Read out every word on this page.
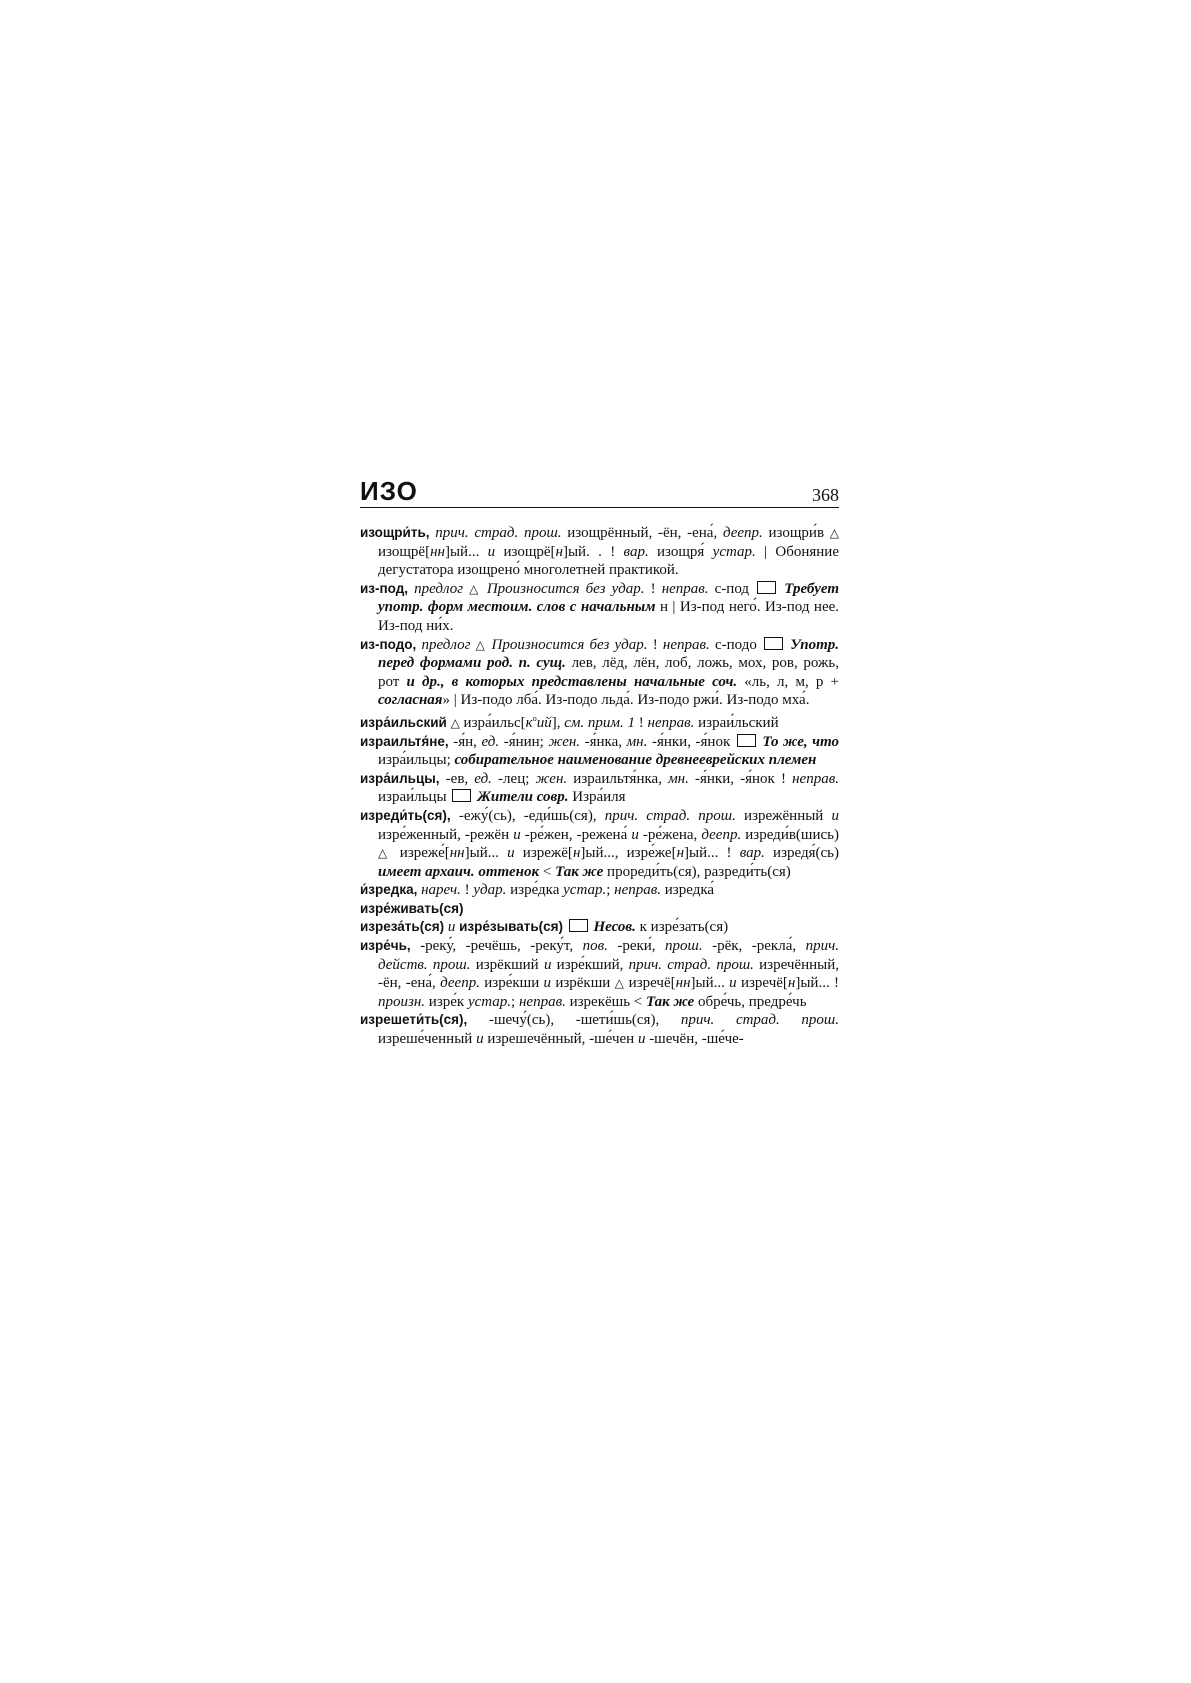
ИЗО	368

изощри́ть, прич. страд. прош. изощрённый, -ён, -ена́, деепр. изощри́в △ изощрё[нн]ый... и изощрё[н]ый. . ! вар. изощря́ устар. | Обоняние дегустатора изощрено́ многолетней практикой.

из-под, предлог △ Произносится без удар. ! неправ. с-под  Требует употр. форм местоим. слов с начальным н | Из-под него́. Из-под нее. Из-под ни́х.

из-подо, предлог △ Произносится без удар. ! неправ. с-подо  Употр. перед формами род. п. сущ. лев, лёд, лён, лоб, ложь, мох, ров, рожь, рот и др., в которых представлены начальные соч. «ль, л, м, р + согласная» | Из-подо лба́. Из-подо льда́. Из-подо ржи́. Из-подо мха́.

изра́ильский △ $изра́ильс[к^оий]$, см. прим. 1 ! неправ. израи́льский

израильтя́не, -я́н, ед. -я́нин; жен. -я́нка, мн. -я́нки, -я́нок  То же, что изра́ильцы; собирательное наименование древнееврейских племен

изра́ильцы, -ев, ед. -лец; жен. израильтя́нка, мн. -я́нки, -я́нок ! неправ. израи́льцы  Жители совр. Изра́иля

изреди́ть(ся), -ежу́(сь), -еди́шь(ся), прич. страд. прош. изрежённый и изре́женный, -режён и -ре́жен, -режена́ и -ре́жена, деепр. изреди́в(шись) △ изреже́[нн]ый... и изрежё[н]ый..., изре́же[н]ый... ! вар. изредя́(сь) имеет архаич. оттенок < Так же прореди́ть(ся), разреди́ть(ся)

и́зредка, нареч. ! удар. изре́дка устар.; неправ. изредка́

изре́живать(ся)

изреза́ть(ся) и изре́зывать(ся) Несов. к изре́зать(ся)

изре́чь, -реку́, -речёшь, -реку́т, пов. -реки́, прош. -рёк, -рекла́, прич. действ. прош. изрёкший и изре́кший, прич. страд. прош. изречённый, -ён, -ена́, деепр. изре́кши и изрёкши △ изречё[нн]ый... и изречё[н]ый... ! произн. изре́к устар.; неправ. изрекёшь < Так же обре́чь, предре́чь

изрешети́ть(ся), -шечу́(сь), -шети́шь(ся), прич. страд. прош. изреше́ченный и изрешечённый, -ше́чен и -шечён, -ше́че-
